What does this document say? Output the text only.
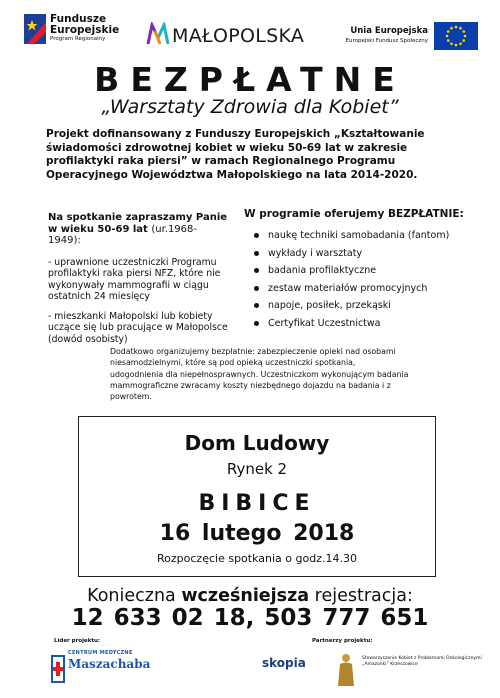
Fundusze
Europejskie
Program Regionalny	MAŁOPOLSKA	Unia Europejska
Europejski Fundusz Społeczny
BEZPŁATNE
„Warsztaty Zdrowia dla Kobiet”
Projekt dofinansowany z Funduszy Europejskich „Kształtowanie świadomości zdrowotnej kobiet w wieku 50-69 lat w zakresie profilaktyki raka piersi” w ramach Regionalnego Programu Operacyjnego Województwa Małopolskiego na lata 2014-2020.
Na spotkanie zapraszamy Panie w wieku 50-69 lat (ur.1968-1949):
- uprawnione uczestniczki Programu profilaktyki raka piersi NFZ, które nie wykonywały mammografii w ciągu ostatnich 24 miesięcy
- mieszkanki Małopolski lub kobiety uczące się lub pracujące w Małopolsce (dowód osobisty)
W programie oferujemy BEZPŁATNIE:
naukę techniki samobadania (fantom)
wykłady i warsztaty
badania profilaktyczne
zestaw materiałów promocyjnych
napoje, posiłek, przekąski
Certyfikat Uczestnictwa
Dodatkowo organizujemy bezpłatnie: zabezpieczenie opieki nad osobami niesamodzielnymi, które są pod opieką uczestniczki spotkania, udogodnienia dla niepełnosprawnych. Uczestniczkom wykonującym badania mammograficzne zwracamy koszty niezbędnego dojazdu na badania i z powrotem.
Dom Ludowy
Rynek 2
BIBICE
16 lutego 2018
Rozpoczęcie spotkania o godz.14.30
Konieczna wcześniejsza rejestracja:
12 633 02 18, 503 777 651
Lider projektu:	Partnerzy projektu:
CENTRUM MEDYCZNE
Maszachaba	skopia	Stowarzyszenie Kobiet z Problemami Onkologicznymi „Amazonki” Krzeszowice
